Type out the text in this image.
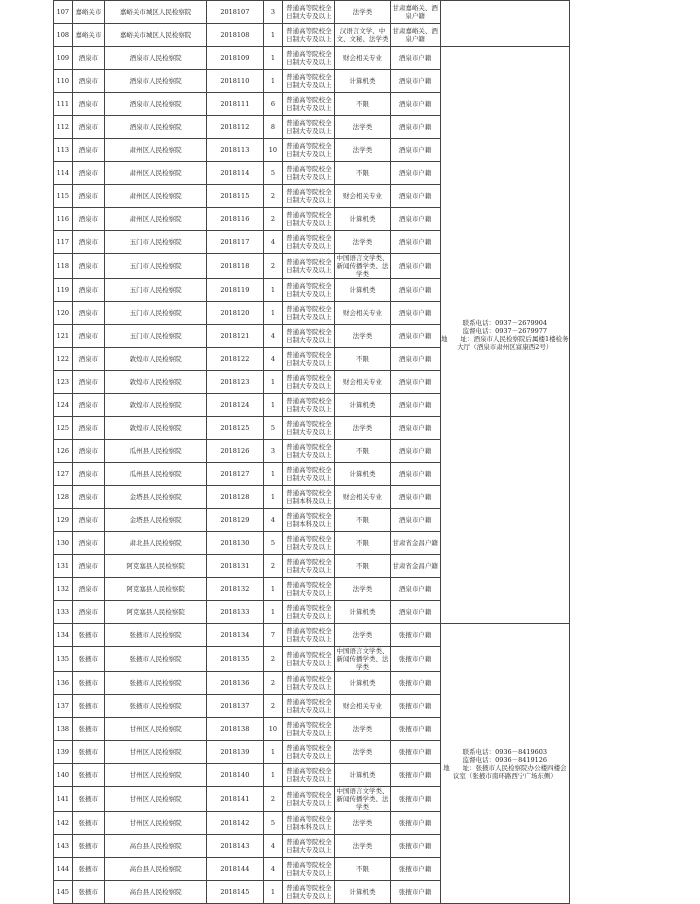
107	嘉峪关市	嘉峪关市城区人民检察院	2018107	3	普通高等院校全日制大专及以上	法学类	甘肃嘉峪关、酒泉户籍	
108	嘉峪关市	嘉峪关市城区人民检察院	2018108	1	普通高等院校全日制大专及以上	汉语言文学、中文、文秘、法学类	甘肃嘉峪关、酒泉户籍	
109	酒泉市	酒泉市人民检察院	2018109	1	普通高等院校全日制大专及以上	财会相关专业	酒泉市户籍	联系电话：0937－2679904
监督电话：0937－2679977
地　　址：酒泉市人民检察院后属楼1楼检务大厅（酒泉市肃州区富康西2号）

110	酒泉市	酒泉市人民检察院	2018110	1	普通高等院校全日制大专及以上	计算机类	酒泉市户籍	
111	酒泉市	酒泉市人民检察院	2018111	6	普通高等院校全日制大专及以上	不限	酒泉市户籍	
112	酒泉市	酒泉市人民检察院	2018112	8	普通高等院校全日制大专及以上	法学类	酒泉市户籍	
113	酒泉市	肃州区人民检察院	2018113	10	普通高等院校全日制大专及以上	法学类	酒泉市户籍	
114	酒泉市	肃州区人民检察院	2018114	5	普通高等院校全日制大专及以上	不限	酒泉市户籍	
115	酒泉市	肃州区人民检察院	2018115	2	普通高等院校全日制大专及以上	财会相关专业	酒泉市户籍	
116	酒泉市	肃州区人民检察院	2018116	2	普通高等院校全日制大专及以上	计算机类	酒泉市户籍	
117	酒泉市	玉门市人民检察院	2018117	4	普通高等院校全日制大专及以上	法学类	酒泉市户籍	
118	酒泉市	玉门市人民检察院	2018118	2	普通高等院校全日制大专及以上	中国语言文学类、新闻传播学类、法学类	酒泉市户籍	
119	酒泉市	玉门市人民检察院	2018119	1	普通高等院校全日制大专及以上	计算机类	酒泉市户籍	
120	酒泉市	玉门市人民检察院	2018120	1	普通高等院校全日制大专及以上	财会相关专业	酒泉市户籍	
121	酒泉市	玉门市人民检察院	2018121	4	普通高等院校全日制大专及以上	法学类	酒泉市户籍	
122	酒泉市	敦煌市人民检察院	2018122	4	普通高等院校全日制大专及以上	不限	酒泉市户籍	
123	酒泉市	敦煌市人民检察院	2018123	1	普通高等院校全日制大专及以上	财会相关专业	酒泉市户籍	
124	酒泉市	敦煌市人民检察院	2018124	1	普通高等院校全日制大专及以上	计算机类	酒泉市户籍	
125	酒泉市	敦煌市人民检察院	2018125	5	普通高等院校全日制大专及以上	法学类	酒泉市户籍	
126	酒泉市	瓜州县人民检察院	2018126	3	普通高等院校全日制大专及以上	不限	酒泉市户籍	
127	酒泉市	瓜州县人民检察院	2018127	1	普通高等院校全日制大专及以上	计算机类	酒泉市户籍	
128	酒泉市	金塔县人民检察院	2018128	1	普通高等院校全日制本科及以上	财会相关专业	酒泉市户籍	
129	酒泉市	金塔县人民检察院	2018129	4	普通高等院校全日制本科及以上	不限	酒泉市户籍	
130	酒泉市	肃北县人民检察院	2018130	5	普通高等院校全日制大专及以上	不限	甘肃省金昌户籍	
131	酒泉市	阿克塞县人民检察院	2018131	2	普通高等院校全日制大专及以上	不限	甘肃省金昌户籍	
132	酒泉市	阿克塞县人民检察院	2018132	1	普通高等院校全日制大专及以上	法学类	酒泉市户籍	
133	酒泉市	阿克塞县人民检察院	2018133	1	普通高等院校全日制大专及以上	计算机类	酒泉市户籍	
134	张掖市	张掖市人民检察院	2018134	7	普通高等院校全日制大专及以上	法学类	张掖市户籍	联系电话：0936－8419603
监督电话：0936－8419126
地　　址：张掖市人民检察院办公楼四楼会议室（张掖市南环路西宁广场东侧）

135	张掖市	张掖市人民检察院	2018135	2	普通高等院校全日制大专及以上	中国语言文学类、新闻传播学类、法学类	张掖市户籍	
136	张掖市	张掖市人民检察院	2018136	2	普通高等院校全日制大专及以上	计算机类	张掖市户籍	
137	张掖市	张掖市人民检察院	2018137	2	普通高等院校全日制大专及以上	财会相关专业	张掖市户籍	
138	张掖市	甘州区人民检察院	2018138	10	普通高等院校全日制大专及以上	法学类	张掖市户籍	
139	张掖市	甘州区人民检察院	2018139	1	普通高等院校全日制大专及以上	法学类	张掖市户籍	
140	张掖市	甘州区人民检察院	2018140	1	普通高等院校全日制大专及以上	计算机类	张掖市户籍	
141	张掖市	甘州区人民检察院	2018141	2	普通高等院校全日制大专及以上	中国语言文学类、新闻传播学类、法学类	张掖市户籍	
142	张掖市	甘州区人民检察院	2018142	5	普通高等院校全日制本科及以上	法学类	张掖市户籍	
143	张掖市	高台县人民检察院	2018143	4	普通高等院校全日制大专及以上	法学类	张掖市户籍	
144	张掖市	高台县人民检察院	2018144	4	普通高等院校全日制大专及以上	不限	张掖市户籍	
145	张掖市	高台县人民检察院	2018145	1	普通高等院校全日制大专及以上	计算机类	张掖市户籍	
